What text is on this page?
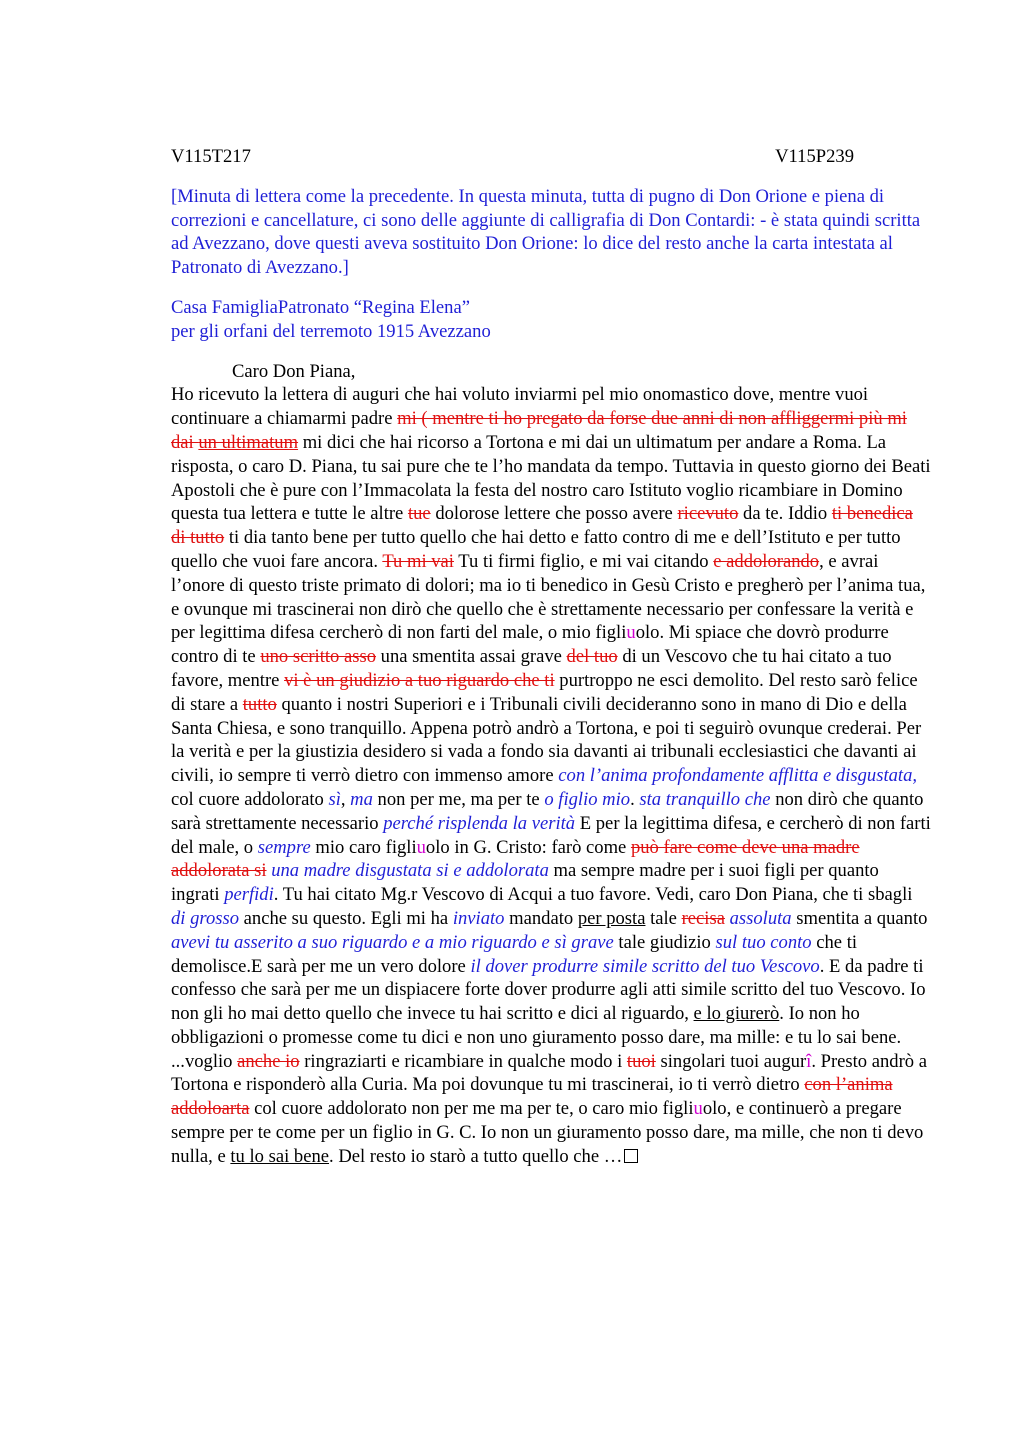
V115T217	V115P239
[Minuta di lettera come la precedente. In questa minuta, tutta di pugno di Don Orione e piena di correzioni e cancellature, ci sono delle aggiunte di calligrafia di Don Contardi: - è stata quindi scritta ad Avezzano, dove questi aveva sostituito Don Orione: lo dice del resto anche la carta intestata al Patronato di Avezzano.]
Casa FamigliaPatronato “Regina Elena”
per gli orfani del terremoto 1915 Avezzano
Caro Don Piana,
Ho ricevuto la lettera di auguri che hai voluto inviarmi pel mio onomastico dove, mentre vuoi continuare a chiamarmi padre mi ( mentre ti ho pregato da forse due anni di non affliggermi più mi dai un ultimatum mi dici che hai ricorso a Tortona e mi dai un ultimatum per andare a Roma. La risposta, o caro D. Piana, tu sai pure che te l’ho mandata da tempo. Tuttavia in questo giorno dei Beati Apostoli che è pure con l’Immacolata la festa del nostro caro Istituto voglio ricambiare in Domino questa tua lettera e tutte le altre tue dolorose lettere che posso avere ricevuto da te. Iddio ti benedica di tutto ti dia tanto bene per tutto quello che hai detto e fatto contro di me e dell’Istituto e per tutto quello che vuoi fare ancora. Tu mi vai Tu ti firmi figlio, e mi vai citando e addolorando, e avrai l’onore di questo triste primato di dolori; ma io ti benedico in Gesù Cristo e pregherò per l’anima tua, e ovunque mi trascinerai non dirò che quello che è strettamente necessario per confessare la verità e per legittima difesa cercherò di non farti del male, o mio figliuolo. Mi spiace che dovrò produrre contro di te uno scritto asso una smentita assai grave del tuo di un Vescovo che tu hai citato a tuo favore, mentre vi è un giudizio a tuo riguardo che ti purtroppo ne esci demolito. Del resto sarò felice di stare a tutto quanto i nostri Superiori e i Tribunali civili decideranno sono in mano di Dio e della Santa Chiesa, e sono tranquillo. Appena potrò andrò a Tortona, e poi ti seguirò ovunque crederai. Per la verità e per la giustizia desidero si vada a fondo sia davanti ai tribunali ecclesiastici che davanti ai civili, io sempre ti verrò dietro con immenso amore con l’anima profondamente afflitta e disgustata, col cuore addolorato sì, ma non per me, ma per te o figlio mio. sta tranquillo che non dirò che quanto sarà strettamente necessario perché risplenda la verità E per la legittima difesa, e cercherò di non farti del male, o sempre mio caro figliuolo in G. Cristo: farò come può fare come deve una madre addolorata si una madre disgustata si e addolorata ma sempre madre per i suoi figli per quanto ingrati perfidi. Tu hai citato Mg.r Vescovo di Acqui a tuo favore. Vedi, caro Don Piana, che ti sbagli di grosso anche su questo. Egli mi ha inviato mandato per posta tale recisa assoluta smentita a quanto avevi tu asserito a suo riguardo e a mio riguardo e sì grave tale giudizio sul tuo conto che ti demolisce.E sarà per me un vero dolore il dover produrre simile scritto del tuo Vescovo. E da padre ti confesso che sarà per me un dispiacere forte dover produrre agli atti simile scritto del tuo Vescovo. Io non gli ho mai detto quello che invece tu hai scritto e dici al riguardo, e lo giurerò. Io non ho obbligazioni o promesse come tu dici e non uno giuramento posso dare, ma mille: e tu lo sai bene. ...voglio anche io ringraziarti e ricambiare in qualche modo i tuoi singolari tuoi augurî. Presto andrò a Tortona e risponderò alla Curia. Ma poi dovunque tu mi trascinerai, io ti verrò dietro con l’anima addoloarta col cuore addolorato non per me ma per te, o caro mio figliuolo, e continuerò a pregare sempre per te come per un figlio in G. C. Io non un giuramento posso dare, ma mille, che non ti devo nulla, e tu lo sai bene. Del resto io starò a tutto quello che …
